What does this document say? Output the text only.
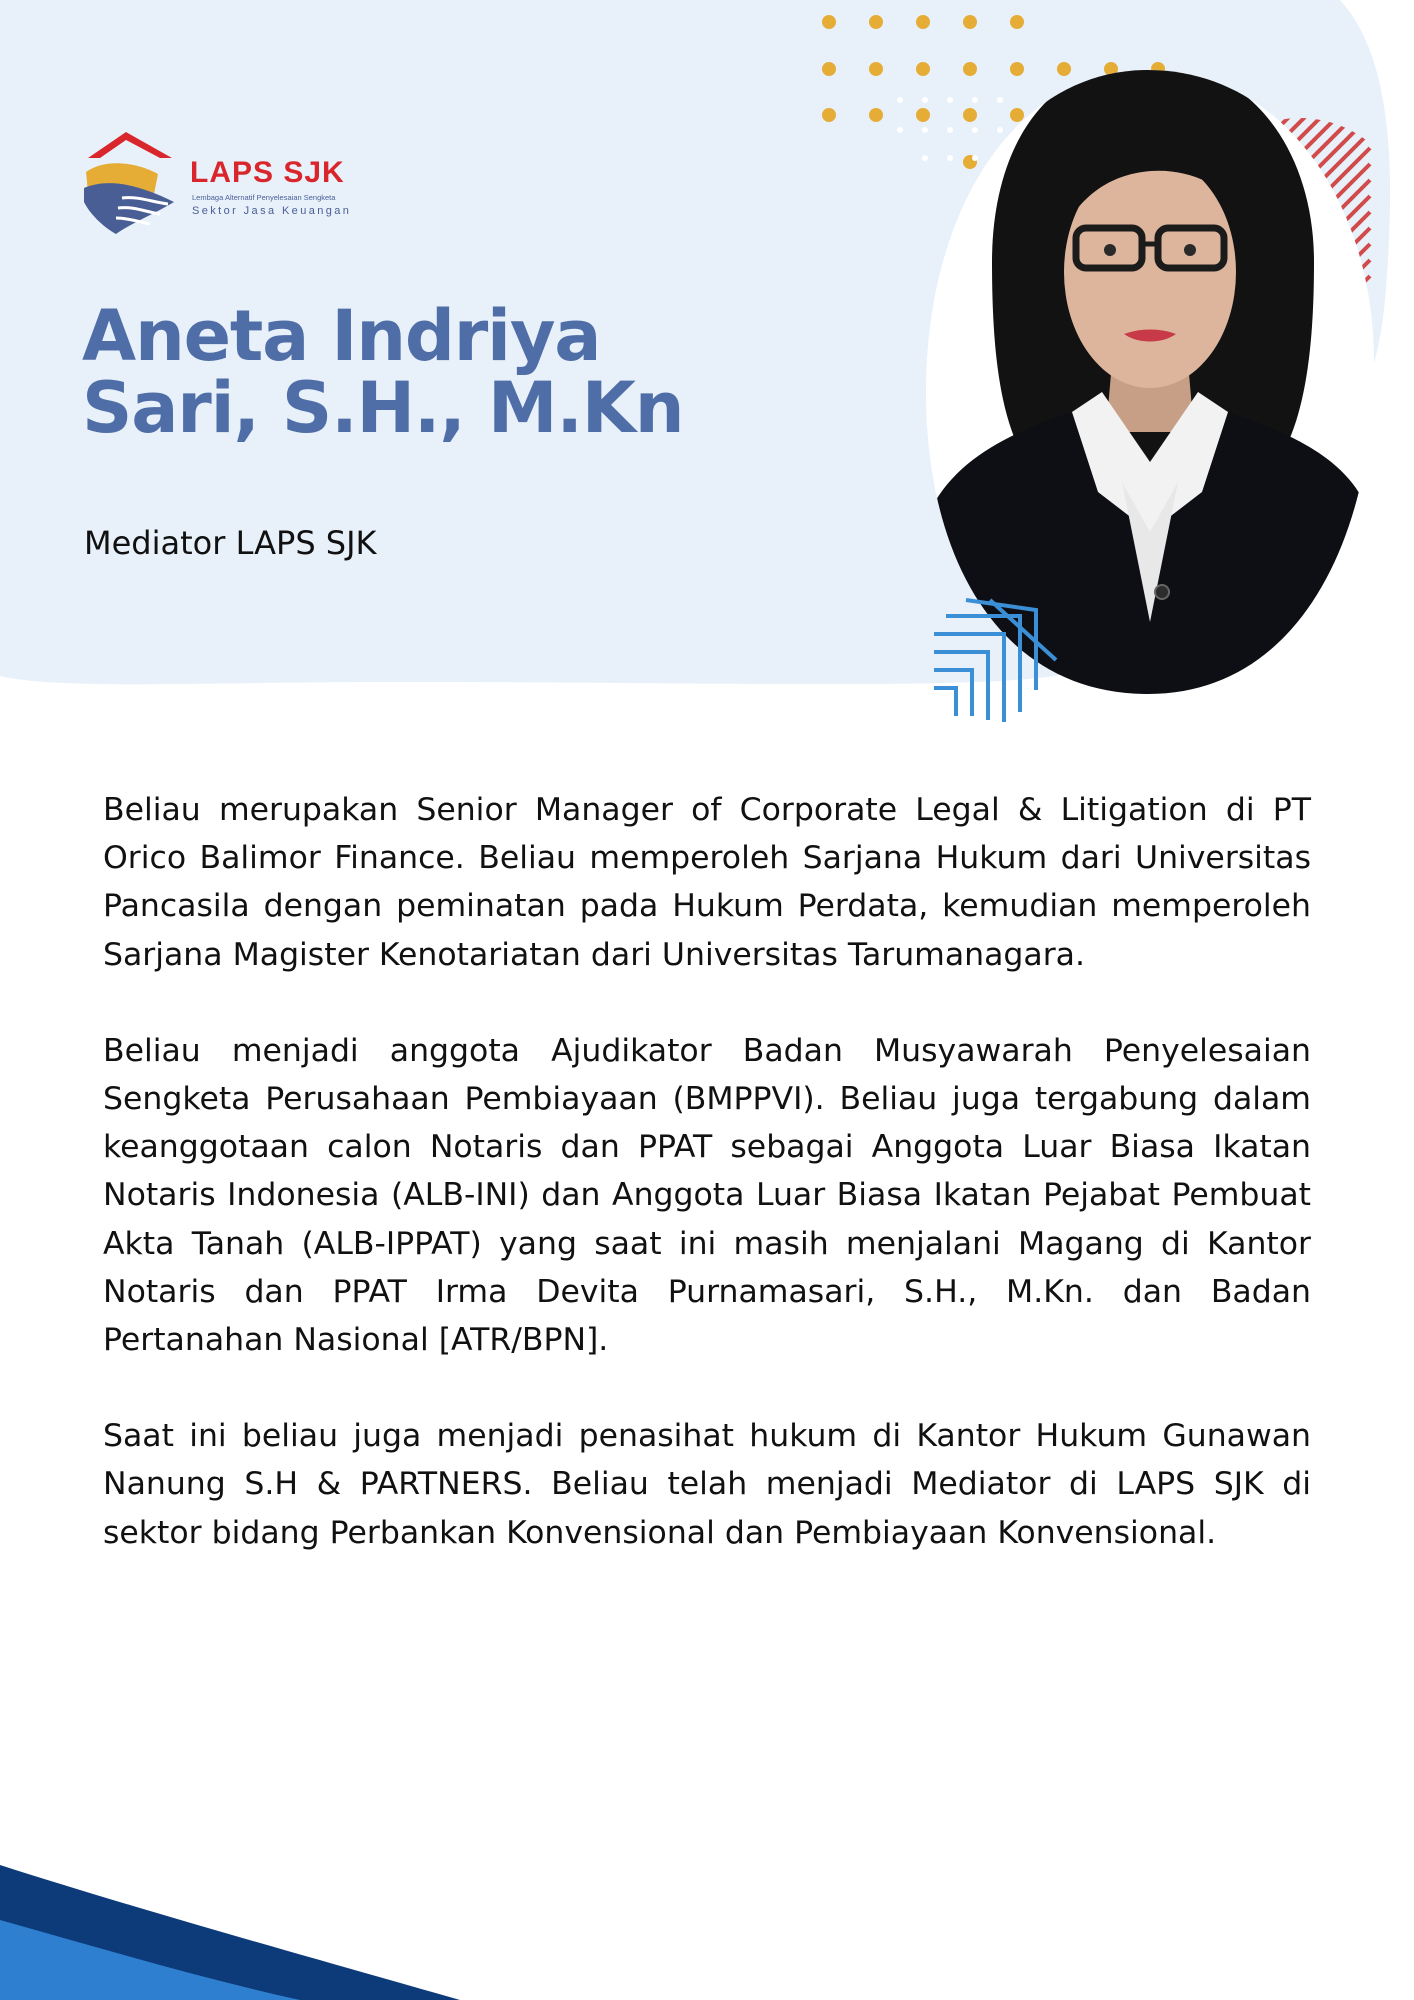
LAPS SJK
Lembaga Alternatif Penyelesaian Sengketa
Sektor Jasa Keuangan
Aneta Indriya Sari, S.H., M.Kn
Mediator LAPS SJK

Beliau merupakan Senior Manager of Corporate Legal & Litigation di PT Orico Balimor Finance. Beliau memperoleh Sarjana Hukum dari Universitas Pancasila dengan peminatan pada Hukum Perdata, kemudian memperoleh Sarjana Magister Kenotariatan dari Universitas Tarumanagara.

Beliau menjadi anggota Ajudikator Badan Musyawarah Penyelesaian Sengketa Perusahaan Pembiayaan (BMPPVI). Beliau juga tergabung dalam keanggotaan calon Notaris dan PPAT sebagai Anggota Luar Biasa Ikatan Notaris Indonesia (ALB-INI) dan Anggota Luar Biasa Ikatan Pejabat Pembuat Akta Tanah (ALB-IPPAT) yang saat ini masih menjalani Magang di Kantor Notaris dan PPAT Irma Devita Purnamasari, S.H., M.Kn. dan Badan Pertanahan Nasional [ATR/BPN].

Saat ini beliau juga menjadi penasihat hukum di Kantor Hukum Gunawan Nanung S.H & PARTNERS. Beliau telah menjadi Mediator di LAPS SJK di sektor bidang Perbankan Konvensional dan Pembiayaan Konvensional.
